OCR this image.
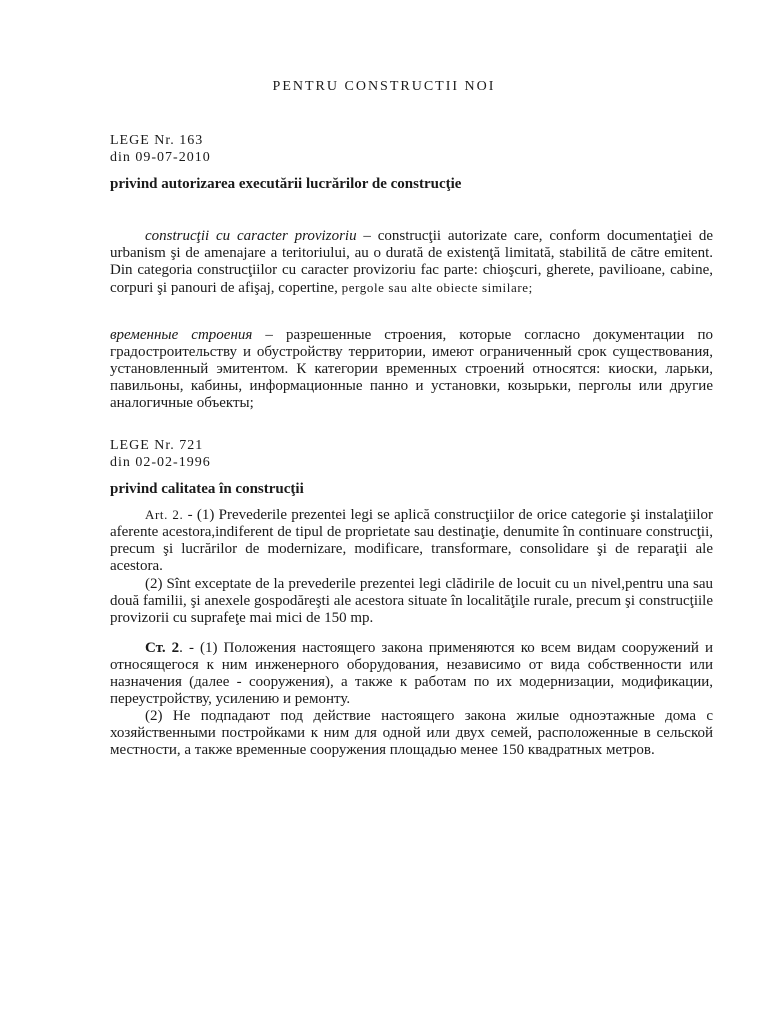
PENTRU CONSTRUCTII NOI
LEGE Nr. 163
din 09-07-2010
privind autorizarea executării lucrărilor de construcţie

construcţii cu caracter provizoriu – construcţii autorizate care, conform documentaţiei de urbanism şi de amenajare a teritoriului, au o durată de existenţă limitată, stabilită de către emitent. Din categoria construcţiilor cu caracter provizoriu fac parte: chioşcuri, gherete, pavilioane, cabine, corpuri şi panouri de afişaj, copertine, pergole sau alte obiecte similare;

временные строения – разрешенные строения, которые согласно документации по градостроительству и обустройству территории, имеют ограниченный срок существования, установленный эмитентом. К категории временных строений относятся: киоски, ларьки, павильоны, кабины, информационные панно и установки, козырьки, перголы или другие аналогичные объекты;

LEGE Nr. 721
din 02-02-1996
privind calitatea în construcţii

Art. 2. - (1) Prevederile prezentei legi se aplică construcţiilor de orice categorie şi instalaţiilor aferente acestora,indiferent de tipul de proprietate sau destinaţie, denumite în continuare construcţii, precum şi lucrărilor de modernizare, modificare, transformare, consolidare şi de reparaţii ale acestora.

(2) Sînt exceptate de la prevederile prezentei legi clădirile de locuit cu un nivel,pentru una sau două familii, şi anexele gospodăreşti ale acestora situate în localităţile rurale, precum şi construcţiile provizorii cu suprafeţe mai mici de 150 mp.

Ст. 2. - (1) Положения настоящего закона применяются ко всем видам сооружений и относящегося к ним инженерного оборудования, независимо от вида собственности или назначения (далее - сооружения), а также к работам по их модернизации, модификации, переустройству, усилению и ремонту.

(2) Не подпадают под действие настоящего закона жилые одноэтажные дома с хозяйственными постройками к ним для одной или двух семей, расположенные в сельской местности, а также временные сооружения площадью менее 150 квадратных метров.
